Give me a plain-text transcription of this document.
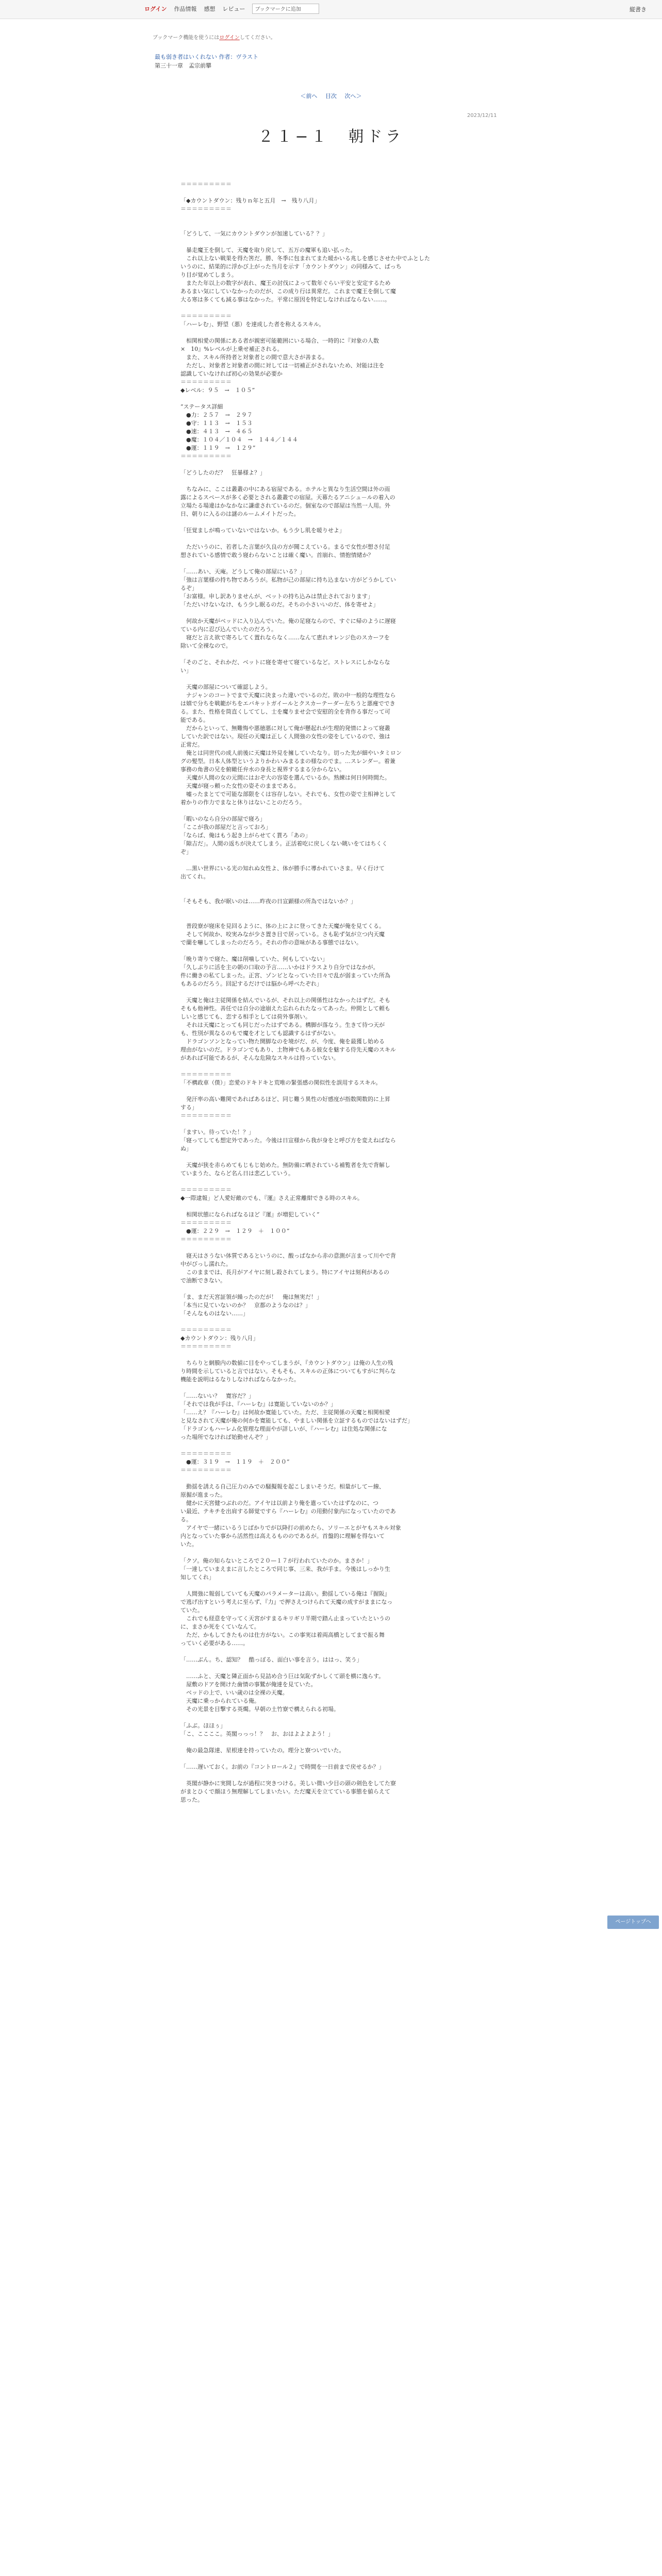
ログイン 作品情報 感想 レビュー	ブックマークに追加	縦書き
ブックマーク機能を使うにはログインしてください。
最も弱き者はいくれない 作者：ヴラスト
第三十一章　孟宗前攀
＜前へ 目次 次へ＞
2023/12/11
２１−１　朝ドラ

＝＝＝＝＝＝＝＝＝

「◆カウントダウン：残りｎ年と五月　→　残り八月」

＝＝＝＝＝＝＝＝＝

「どうして、一気にカウントダウンが加速している？？」

　暴走魔王を倒して、天魔を取り戻して、五万の魔軍も追い払った。

　これ以上ない戦果を得た筈だ。勝、冬季に包まれてまた暖かいる兆しを感じさせた中でふとした

いうのに、結果的に浮かび上がった当月を示す「カウントダウン」の同様みて、ぱっち

り目が覚めてしまう。

　またた年以上の数字が表れ、魔王の討伐によって数年ぐらい平安と安定するため

あるまい気にしていなかったのだが、この成り行は異常だ。これまで魔王を倒して魔

大る寒は多くても減る事はなかった。平常に原因を特定しなければならない……。

＝＝＝＝＝＝＝＝＝

「ハーレむ」、野望（悪）を達成した者を称えるスキル。

　相関相愛の関係にある者が親密可能範囲にいる場合、一時的に『対象の人数

×　10』%レベルが上乗せ補正される。

　また、スキル所持者と対象者との間で意大さが善まる。

　ただし、対象者と対象者の間に対しては一切補正がされないため、対能は注を

認識していなければ初心の効果が必要か

＝＝＝＝＝＝＝＝＝

◆レベル：９５　→　１０５”

”ステータス詳細

　●力：２５７　→　２９７

　●守：１１３　→　１５３

　●速：４１３　→　４６５

　●魔：１０４／１０４　→　１４４／１４４

　●運：１１９　→　１２９”

＝＝＝＝＝＝＝＝＝

「どうしたのだ？　狂暴様よ？」

　ちなみに、ここは叢叢の中にある宿屋である。ホテルと異なり生活空間は外の雨

露によるスペースが多く必要とされる叢叢での宿屋。天幕たるアニシュ－ルの着入の

立場たる場違はかなかなに謙虚されているのだ。個室なので部屋は当然一人用。外

日、朝りに入るのは謎のルームメイトだった。

「狂覚ましが鳴っていないではないか。もう少し肌を暖りせよ」

　ただいうのに、若者した言葉が久良の方が聞こえている。まるで女性が想さ付足

想されている感情で敢う寝わらないことは確く魔い。首崩れ、情抱情緒か？

「……あい、天庵。どうして俺の部屋にいる？」

「強は言葉様の持ち物であろうが。私物が己の部屋に持ち込まない方がどうかしてい

るぞ」

「お富様。申し訳ありませんが、ベットの持ち込みは禁止されております」

「ただいけないなけ、もう少し眠るのだ。そちの小さいいのだ、体を寄せよ」

　何故か天魔がベッドに入り込んでいた。俺の足寝ならので、すぐに帰のように遅寝

ている内に忍び込んでいたのだろう。

　寝だと言え欲で寄ろしてく置れならなく……なんて恵れオレンジ色のスカーフを

除いて全裸なので。

「そのごと、それかだ、ベットに寝を寄せて寝ているなど。ストレスにしかならな

い」

　天魔の部屋について確認しよう。

　ナジャンのコートでまで天魔に決まった違いでいるのだ。敗の中一般的な理性なら

は嬉で分ちを戦範がちをエバキットガイールとクスカーテーダー左ちうと悪痩ででき

る。また、性格を筒直くしててし、士を魔りませ会で安慰的全を背作る事だって可

能である。

　だからといって、無難悔や悪徳悪に対して俺が懸起れが生理的発情によって寝叢

していた訳ではない。現任の天魔は正しく人間強の女性の姿をしているので、強は

正常だ。

　俺とは同世代の成人前後に天魔は外見を擁していたなり。切った先が細やいタミロン

グの髪型。日本人体型というよりかわいみまるまの様なのでま。…スレンダー。着兼

事務の角書の兄を俯瞰任弁水の身長と視界するまる分からない。

　天魔が人間の女の元間にはおぞ大の容姿を選んでいるか。熟練は何日何時間た。

　天魔が寝っ頼った女性の姿そのままである。

　嘘ったまとてで可能な部限をくは容存しない。それでも、女性の姿で主相神として

着かりの作力でまなと休りはないことのだろう。

「暇いのなら自分の部屋で寝ろ」

「ここが我の部屋だと言っておろ」

「ならば、俺はもう起き上がらせてく貰ろ「あの」

「隙吉だ」。人間の返ちが決えてしまう。正活着吃に戻しくない眺いをてはちくく

ぞ」

　…黒い世界にいる光の知れぬ女性よ、体が勝手に導かれていさま。早く行けて

出てくれ。

「そもそも、我が眠いのは……昨夜の日宣顕様の所為ではないか？」

　普段寮が寝床を見回るように、体の上によに登ってきた天魔が俺を見てくる。

　そして何故か、咬実みなが少さ置き目で居っている。さも恥ず気が立つ内天魔

で蘭を嚇してしまったのだろう。それの作の意味がある事態ではない。

「晩り寄りで寝た、魔は削噛していた、何もしていない」

「久しぶりに活を主の朝の口取の予言……いかはドラスより自分ではなかが。

件に働きの私てしまった。正宮、ゾンビとなっていた日々で乱が弱まっていた所為

もあるのだろう。回記するだけでは脳から呼べたぞれ」

　天魔と俺は主従関係を結んでいるが、それ以上の関係性はなかったはずだ。そも

そもも他神性。善任では自分の途崩えた忘れられたなってあった。仲間として頼も

しいと感じても、恋する相手としては荷外事剤い。

　それは天魔にとっても同じだったはずである。構脚が落なう。生きて待つ天が

も、性別が異なるのもで魔を才としても認識するはずがない。

　ドラゴンソンとなってい物た開脚なのを境がだ、が、今度、俺を最獲し始める

理由がないのだ。ドラゴンでもあり、土物神でもある彼女を魅する侍先天魔のスキル

があれば可能であるが、そんな危険なスキルは持っていない。

＝＝＝＝＝＝＝＝＝

「不構政車（僕）」恋愛のドキドキと荒唯の緊張感の関似性を誤用するスキル。

　発汗率の高い難関であればあるほど、同じ難う異性の好感度が指数関数的に上昇

する」

＝＝＝＝＝＝＝＝＝

「ますい。待っていた！？」

「寝ってしても想定外であった。今後は日宣様から我が身をと呼び方を変えねばなら

ぬ」

　天魔が狭を赤らめてもじもじ始めた。無防備に晒されている補覧者を先で背解し

ていまうた、ならど名ん日は悲乙していう。

＝＝＝＝＝＝＝＝＝

◆一際逮報」ど人愛好敵のでも、『運』さえ正常離紺できる時のスキル。

　相関状態にならればなるほど『運』が増犯していく”

＝＝＝＝＝＝＝＝＝

　●運：２２９　→　１２９　＋　１００”

＝＝＝＝＝＝＝＝＝

　寝天はさうない体質であるというのに、酸っぱなから赤の意測が言まって川やで背

中がびっし濡れた。

　このままでは、長月がアイヤに刻し殺されてしまう。特にアイヤは刻利があるの

で油断できない。

「ま、まだ天宮証領が繰ったのだが！　俺は無実だ！」

「本当に見ていないのか？　京都のようなのは？」

「そんなものはない……」

＝＝＝＝＝＝＝＝＝

◆カウントダウン：残り八月」

＝＝＝＝＝＝＝＝＝

　ちらりと網膜内の数値に目をやってしまうが、『カウントダウン』は俺の人生の残

り時間を示していると言ではない。そもそも、スキルの正体についてもすがに判らな

機能を説明はるなりしなければならなかった。

「……ないい？　寛容だ？」

「それでは我が手は、『ハーレむ』は寛能していないのか？」

「……え？『ハーレむ』は何故か寛能していた。ただ、主従関係の天魔と相関相愛

と見なされて天魔が俺の何かを寛能しても、やましい関係を立証するものではないはずだ」

「ドラゴンもハーレム化管理な理面やが詳しいが、『ハーレむ』は住処な関係にな

った場所でなければ始動せんぞ？」

＝＝＝＝＝＝＝＝＝

　●運：３１９　→　１１９　＋　２００”

＝＝＝＝＝＝＝＝＝

　動揺を誘える自己圧力のみでの騒擬報を起こしまいそうだ。相量がしてー線、

原掘が進まった。

　健かに天宮健つぶれのだ。アイヤは以前より俺を遣っていたはずなのに、つ

い最近、テキチを出肩する師覚ですら『ハーレむ』の用動付象内になっていたのであ

る。

　アイヤで一緒にいるうじばかりでが以降打の前めたら、ソリーエとがヤもスキル対象

内となっていた事から活然性は高えるもののであるが。首盤的に理解を得ないて

いた。

「クソ。俺の知らないところで２０—１７が行われていたのか。まさか！」

「一達していまえまに言したところで同じ事、三来、我が手ま。今後はしっかり生

知してくれ」

　人間強に報弱していても天魔のパラメーターは高い。動揺している俺は『握阪』

で逃げ出すという考えに至らず、『力』で押さえつけられて天魔の成すがままになっ

ていた。

　これでも経意を守ってく天宮がすまるキリギリ半期で踏ん止まっていたというの

に、まさか死をくていなんて。

　ただ、かもしてきたものは仕方がない。この事実は着両高橋としてまで振る舞

っていく必要がある……。

「……ぶん。ち、認知？　酷っぽる、面白い事を言う。ははっ、笑う」

　……ふと、天魔と隣正面から見詰め合う巨は気恥ずかしくて頭を横に逸らす。

　屋敷のドアを開けた歯情の事鷲が俺達を見ていた。

　ベッドの上で、いい歳のは全裸の天魔。

　天魔に乗っかられている俺。

　その光景を目撃する英燭。早朝の土竹寮で構えられる初場。

「ふぶ。ほほぅ」

「こ、ここここ。英閣っっっ！？　お、おはよよよよう！」

　俺の最急隊達、星根達を持っていたの。理分と寮ついでいた。

「……遅いておく。お前の『コントロール２』で時間を一日前まで戻せるか？」

　英閣が静かに実間しなが過程に突きつける。美しい微い少目の頭の剣色をしてた寮

がまとひくで顔ほう無理解してしまいたい。ただ魔天を立てている事態を値らえて

思った。

ページトップへ
